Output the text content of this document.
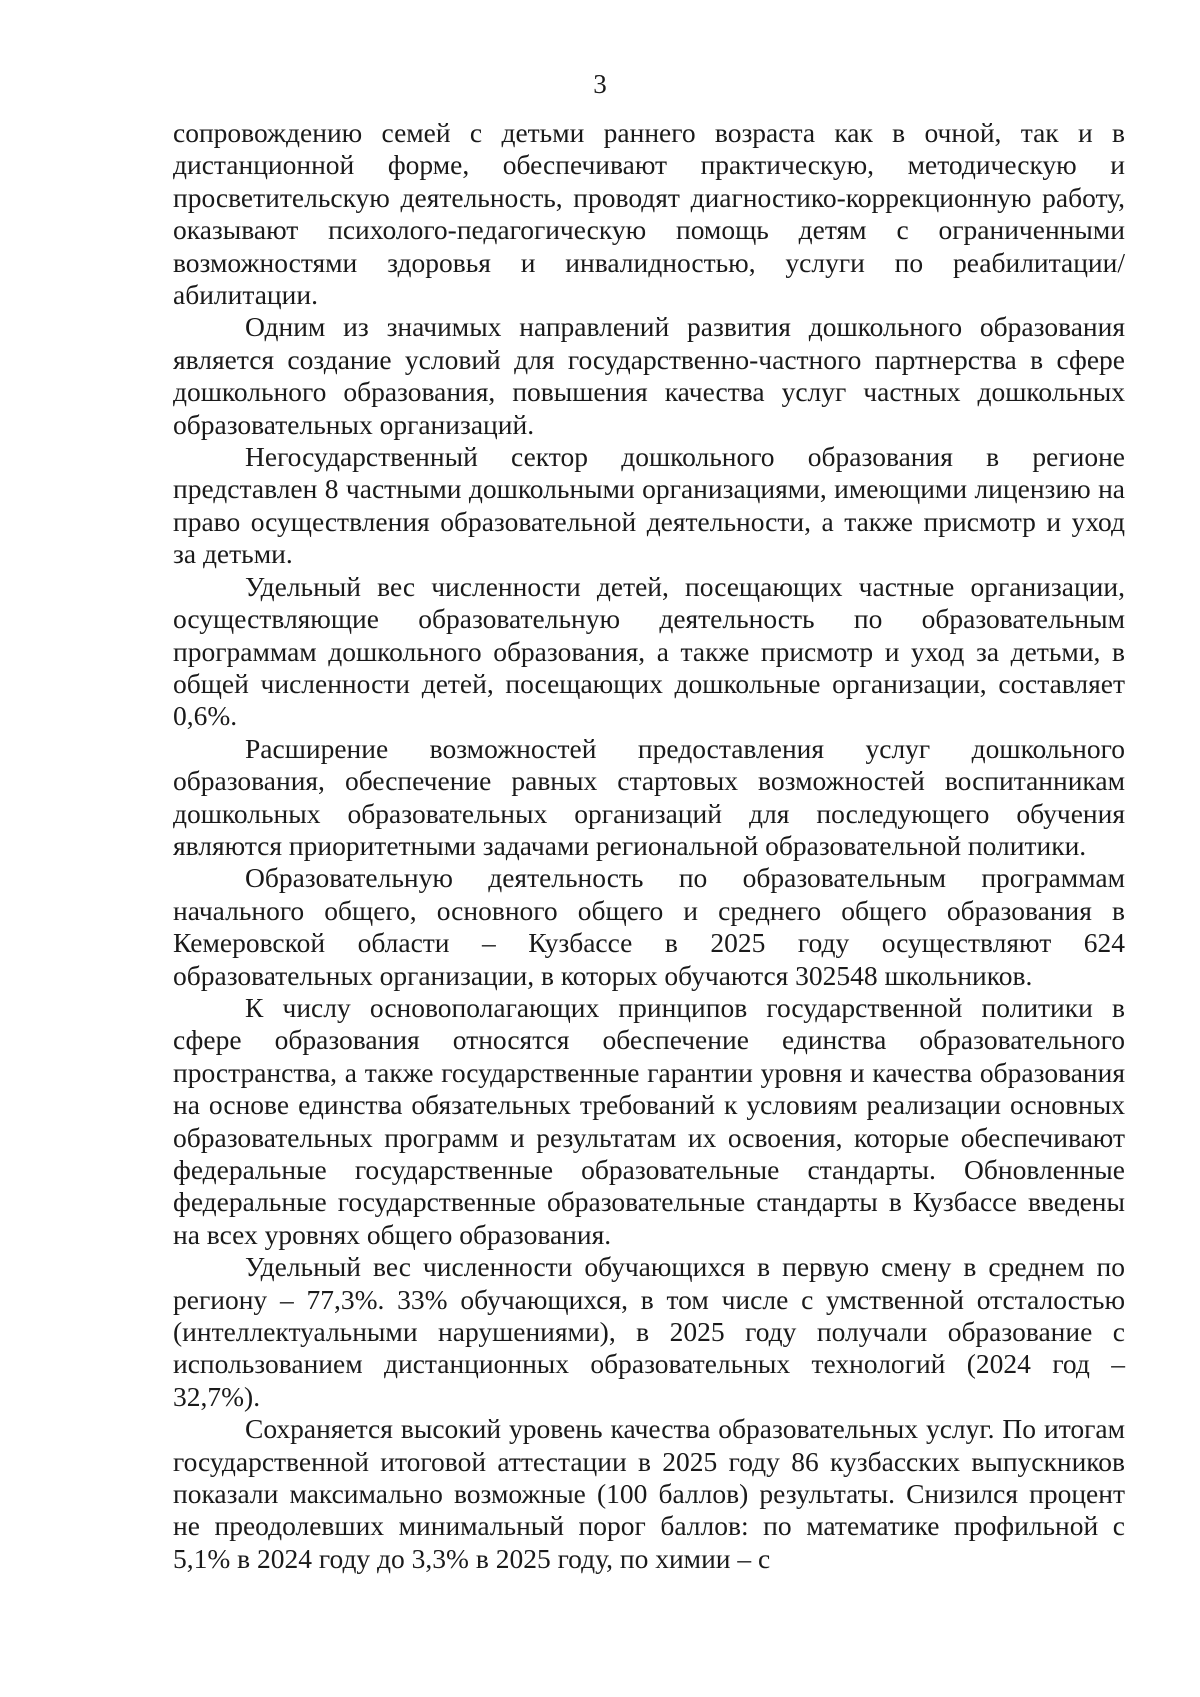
3

сопровождению семей с детьми раннего возраста как в очной, так и в дистанционной форме, обеспечивают практическую, методическую и просветительскую деятельность, проводят диагностико-коррекционную работу, оказывают психолого-педагогическую помощь детям с ограниченными возможностями здоровья и инвалидностью, услуги по реабилитации/абилитации.

Одним из значимых направлений развития дошкольного образования является создание условий для государственно-частного партнерства в сфере дошкольного образования, повышения качества услуг частных дошкольных образовательных организаций.

Негосударственный сектор дошкольного образования в регионе представлен 8 частными дошкольными организациями, имеющими лицензию на право осуществления образовательной деятельности, а также присмотр и уход за детьми.

Удельный вес численности детей, посещающих частные организации, осуществляющие образовательную деятельность по образовательным программам дошкольного образования, а также присмотр и уход за детьми, в общей численности детей, посещающих дошкольные организации, составляет 0,6%.

Расширение возможностей предоставления услуг дошкольного образования, обеспечение равных стартовых возможностей воспитанникам дошкольных образовательных организаций для последующего обучения являются приоритетными задачами региональной образовательной политики.

Образовательную деятельность по образовательным программам начального общего, основного общего и среднего общего образования в Кемеровской области – Кузбассе в 2025 году осуществляют 624 образовательных организации, в которых обучаются 302548 школьников.

К числу основополагающих принципов государственной политики в сфере образования относятся обеспечение единства образовательного пространства, а также государственные гарантии уровня и качества образования на основе единства обязательных требований к условиям реализации основных образовательных программ и результатам их освоения, которые обеспечивают федеральные государственные образовательные стандарты. Обновленные федеральные государственные образовательные стандарты в Кузбассе введены на всех уровнях общего образования.

Удельный вес численности обучающихся в первую смену в среднем по региону – 77,3%. 33% обучающихся, в том числе с умственной отсталостью (интеллектуальными нарушениями), в 2025 году получали образование с использованием дистанционных образовательных технологий (2024 год – 32,7%).

Сохраняется высокий уровень качества образовательных услуг. По итогам государственной итоговой аттестации в 2025 году 86 кузбасских выпускников показали максимально возможные (100 баллов) результаты. Снизился процент не преодолевших минимальный порог баллов: по математике профильной с 5,1% в 2024 году до 3,3% в 2025 году, по химии – с
